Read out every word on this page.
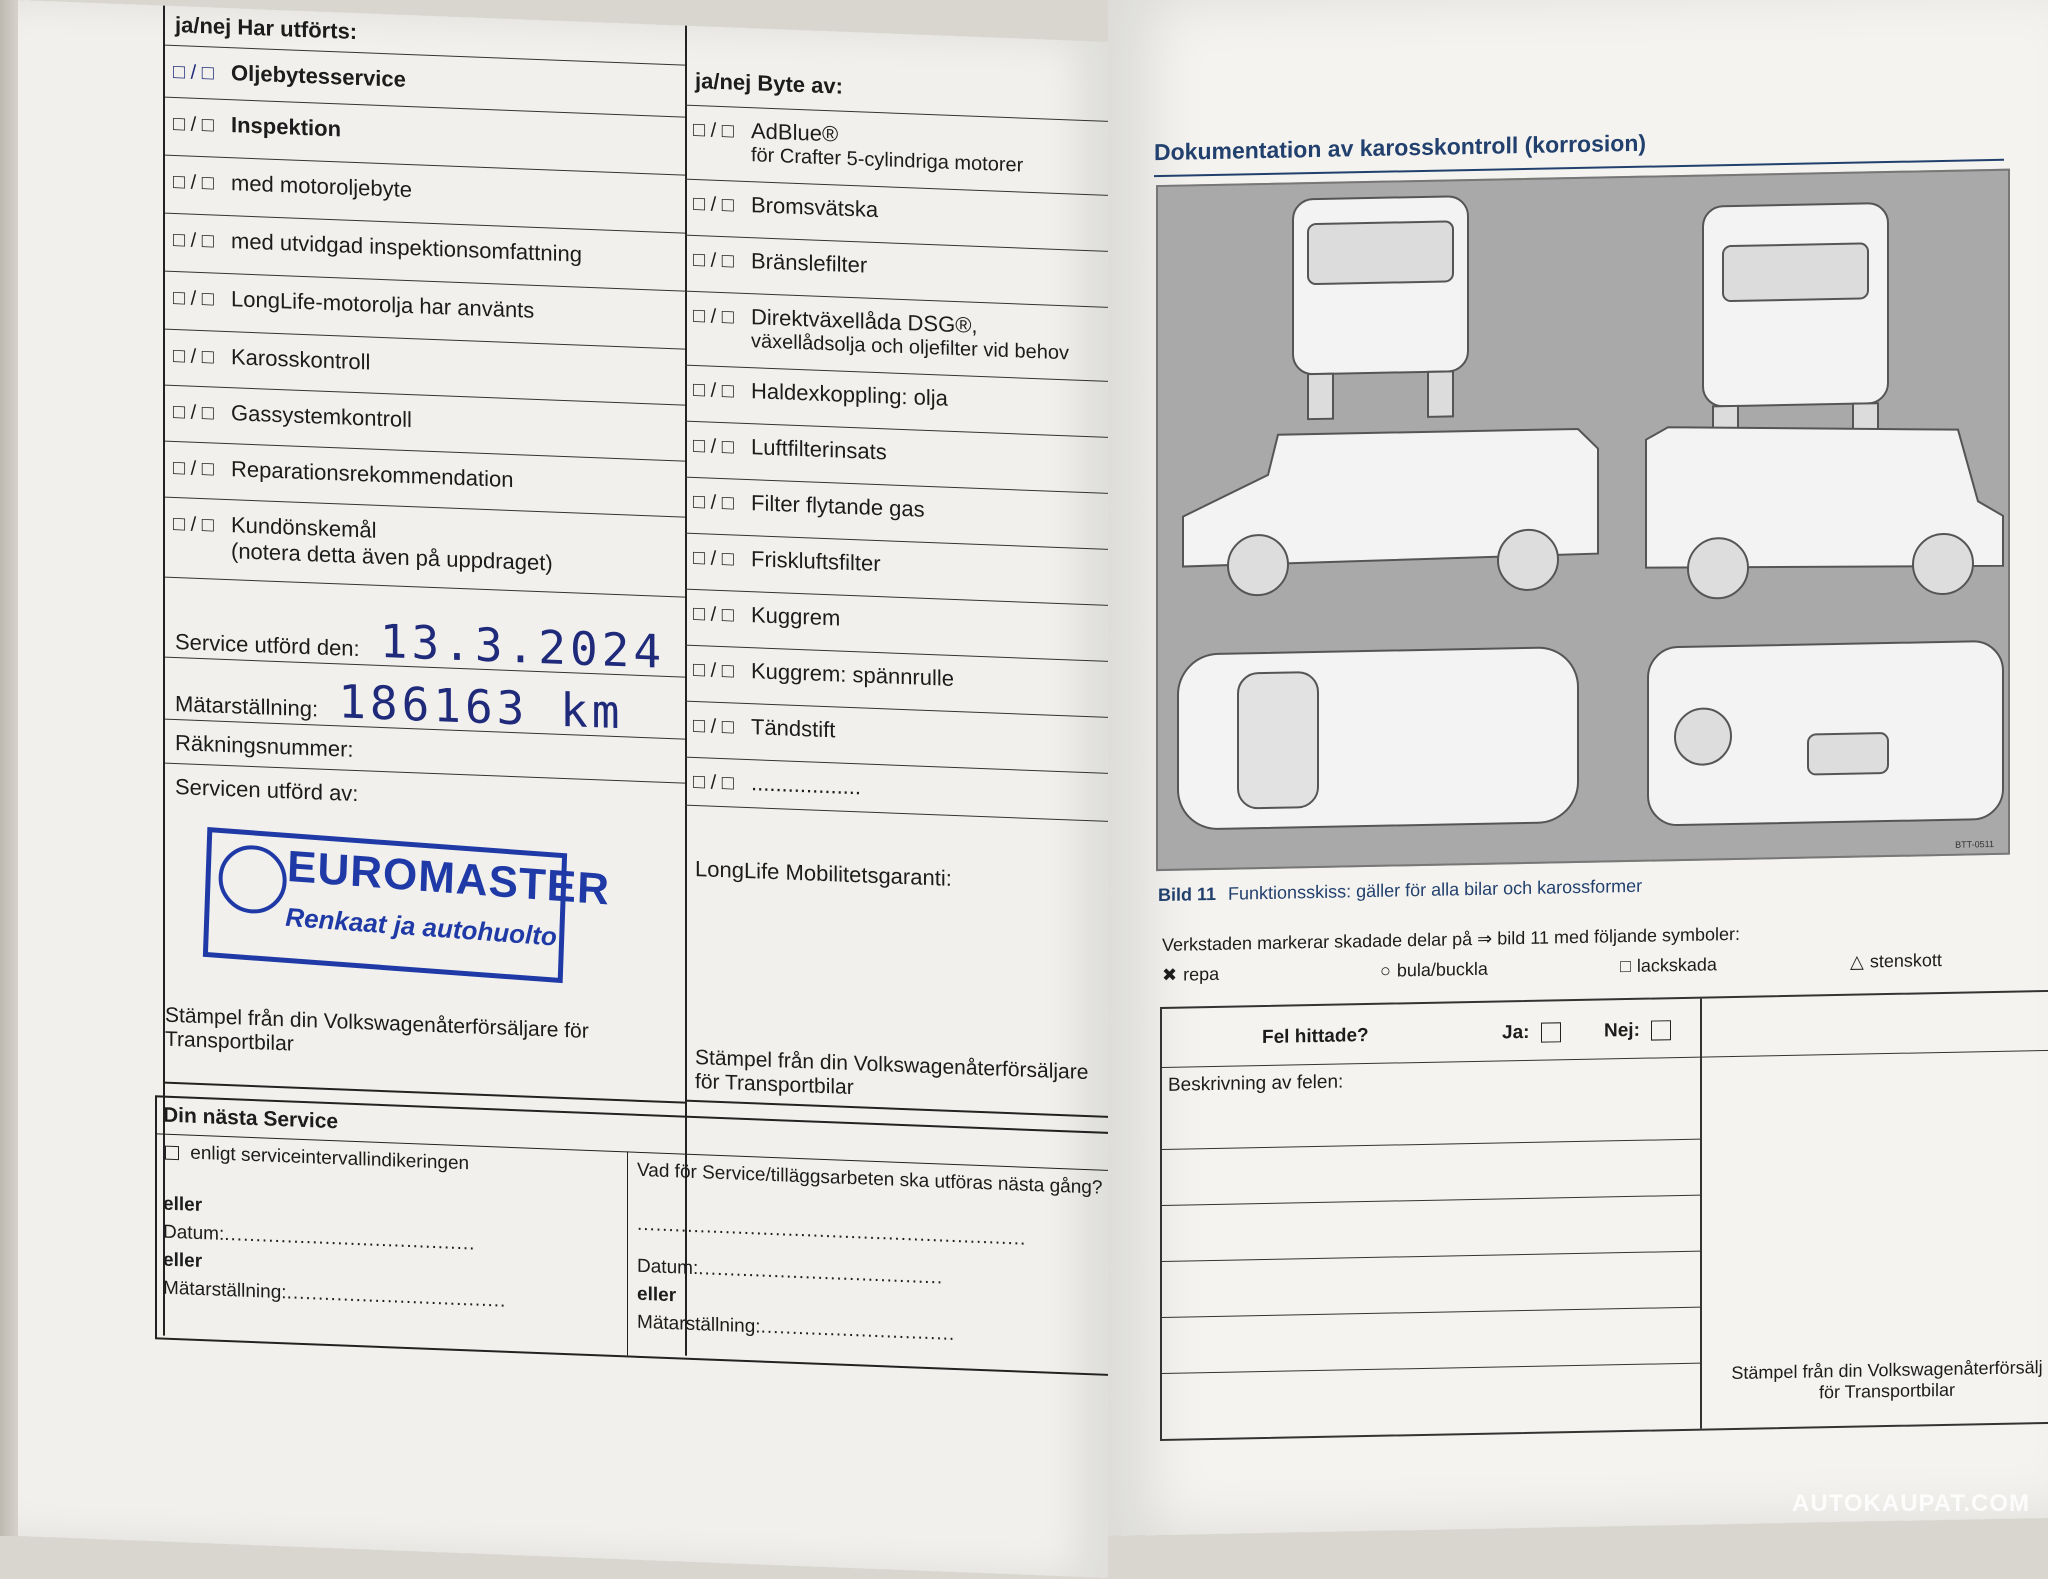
ja/nej Har utförts:
□ / □ Oljebytesservice
□ / □ Inspektion
□ / □ med motoroljebyte
□ / □ med utvidgad inspektionsomfattning
□ / □ LongLife-motorolja har använts
□ / □ Karosskontroll
□ / □ Gassystemkontroll
□ / □ Reparationsrekommendation
□ / □ Kundönskemål
(notera detta även på uppdraget)
Service utförd den: 13.3.2024
Mätarställning: 186163 km
Räkningsnummer:
Servicen utförd av:
EUROMASTER
Renkaat ja autohuolto
Stämpel från din Volkswagenåterförsäljare för Transportbilar
ja/nej Byte av:
□ / □ AdBlue®
för Crafter 5-cylindriga motorer
□ / □ Bromsvätska
□ / □ Bränslefilter
□ / □ Direktväxellåda DSG®,
växellådsolja och oljefilter vid behov
□ / □ Haldexkoppling: olja
□ / □ Luftfilterinsats
□ / □ Filter flytande gas
□ / □ Friskluftsfilter
□ / □ Kuggrem
□ / □ Kuggrem: spännrulle
□ / □ Tändstift
□ / □ ..................
LongLife Mobilitetsgaranti:
Stämpel från din Volkswagenåterförsäljare för Transportbilar
Din nästa Service
enligt serviceintervallindikeringen
eller
Datum:........................................
eller
Mätarställning:...................................
Vad för Service/tilläggsarbeten ska utföras nästa gång?
..............................................................
Datum:.......................................
eller
Mätarställning:...............................
Dokumentation av karosskontroll (korrosion)
BTT-0511
Bild 11 Funktionsskiss: gäller för alla bilar och karossformer
Verkstaden markerar skadade delar på ⇒ bild 11 med följande symboler:
✖ repa	○ bula/buckla	□ lackskada	△ stenskott
Fel hittade?	Ja:	Nej:
Beskrivning av felen:
Stämpel från din Volkswagenåterförsälj för Transportbilar
AUTOKAUPAT.COM
